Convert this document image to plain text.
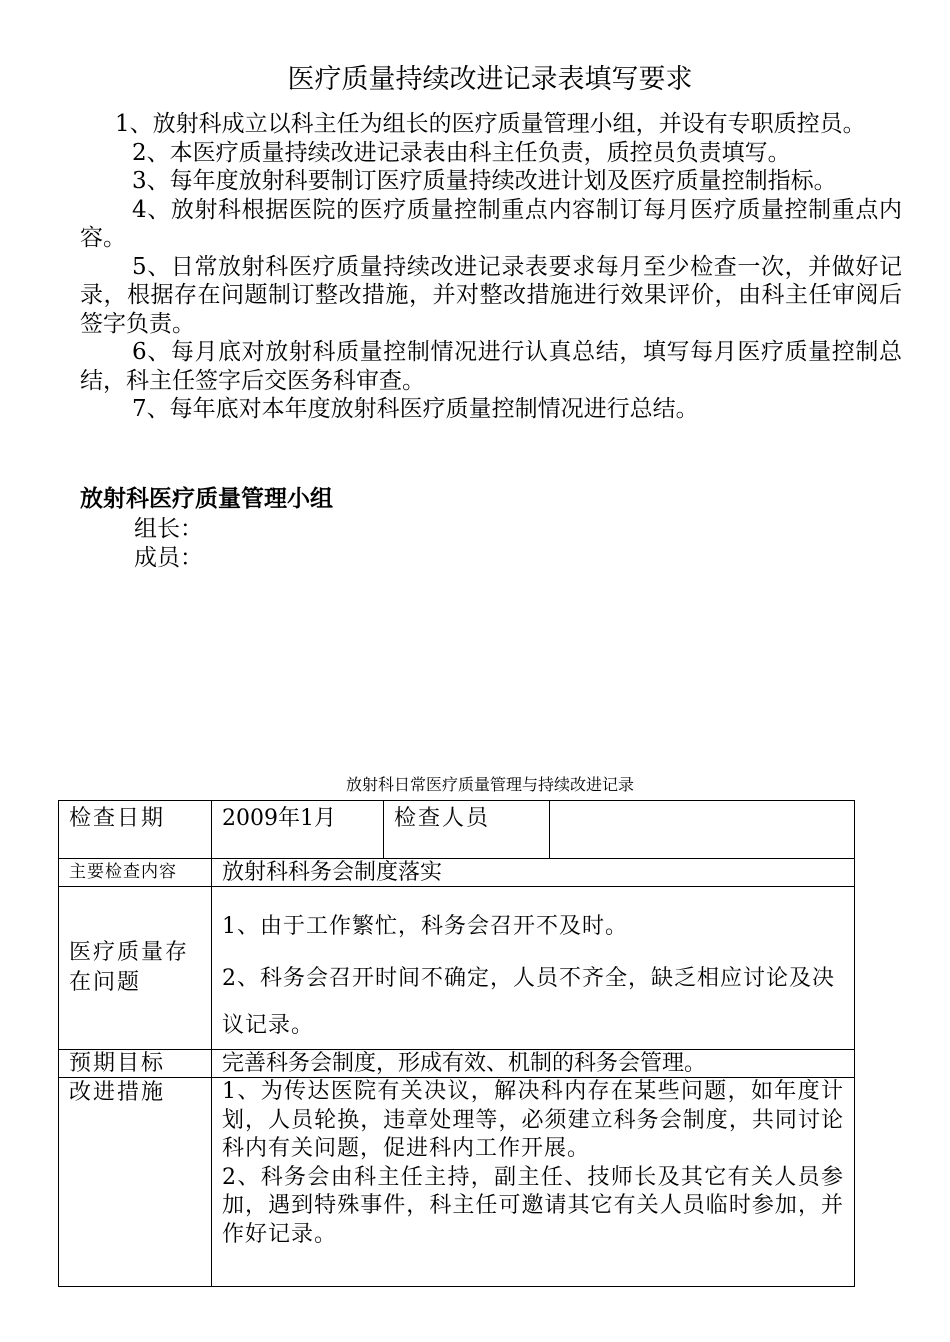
医疗质量持续改进记录表填写要求

1、放射科成立以科主任为组长的医疗质量管理小组，并设有专职质控员。

2、本医疗质量持续改进记录表由科主任负责，质控员负责填写。

3、每年度放射科要制订医疗质量持续改进计划及医疗质量控制指标。

4、放射科根据医院的医疗质量控制重点内容制订每月医疗质量控制重点内容。

5、日常放射科医疗质量持续改进记录表要求每月至少检查一次，并做好记录，根据存在问题制订整改措施，并对整改措施进行效果评价，由科主任审阅后签字负责。

6、每月底对放射科质量控制情况进行认真总结，填写每月医疗质量控制总结，科主任签字后交医务科审查。

7、每年底对本年度放射科医疗质量控制情况进行总结。

放射科医疗质量管理小组
组长：
成员：
放射科日常医疗质量管理与持续改进记录
检查日期	2009年1月	检查人员	
主要检查内容	放射科科务会制度落实		
医疗质量存在问题	1、由于工作繁忙，科务会召开不及时。

2、科务会召开时间不确定，人员不齐全，缺乏相应讨论及决议记录。		

预期目标	完善科务会制度，形成有效、机制的科务会管理。		
改进措施	1、为传达医院有关决议，解决科内存在某些问题，如年度计划，人员轮换，违章处理等，必须建立科务会制度，共同讨论科内有关问题，促进科内工作开展。

2、科务会由科主任主持，副主任、技师长及其它有关人员参加，遇到特殊事件，科主任可邀请其它有关人员临时参加，并作好记录。		
